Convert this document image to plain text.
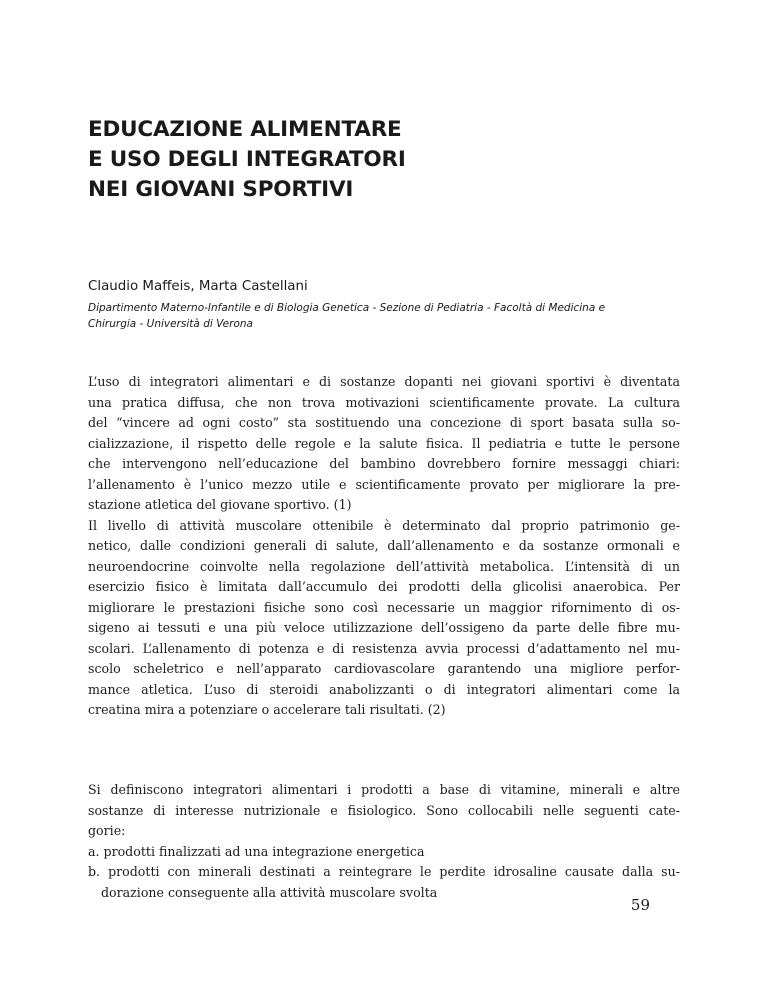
EDUCAZIONE ALIMENTARE
E USO DEGLI INTEGRATORI
NEI GIOVANI SPORTIVI
Claudio Maffeis, Marta Castellani
Dipartimento Materno-Infantile e di Biologia Genetica - Sezione di Pediatria - Facoltà di Medicina e
Chirurgia - Università di Verona
L’uso di integratori alimentari e di sostanze dopanti nei giovani sportivi è diventata
una pratica diffusa, che non trova motivazioni scientificamente provate. La cultura
del “vincere ad ogni costo” sta sostituendo una concezione di sport basata sulla so-
cializzazione, il rispetto delle regole e la salute fisica. Il pediatria e tutte le persone
che intervengono nell’educazione del bambino dovrebbero fornire messaggi chiari:
l’allenamento è l’unico mezzo utile e scientificamente provato per migliorare la pre-
stazione atletica del giovane sportivo. (1)
Il livello di attività muscolare ottenibile è determinato dal proprio patrimonio ge-
netico, dalle condizioni generali di salute, dall’allenamento e da sostanze ormonali e
neuroendocrine coinvolte nella regolazione dell’attività metabolica. L’intensità di un
esercizio fisico è limitata dall’accumulo dei prodotti della glicolisi anaerobica. Per
migliorare le prestazioni fisiche sono così necessarie un maggior rifornimento di os-
sigeno ai tessuti e una più veloce utilizzazione dell’ossigeno da parte delle fibre mu-
scolari. L’allenamento di potenza e di resistenza avvia processi d’adattamento nel mu-
scolo scheletrico e nell’apparato cardiovascolare garantendo una migliore perfor-
mance atletica. L’uso di steroidi anabolizzanti o di integratori alimentari come la
creatina mira a potenziare o accelerare tali risultati. (2)
Si definiscono integratori alimentari i prodotti a base di vitamine, minerali e altre
sostanze di interesse nutrizionale e fisiologico. Sono collocabili nelle seguenti cate-
gorie:
a. prodotti finalizzati ad una integrazione energetica
b. prodotti con minerali destinati a reintegrare le perdite idrosaline causate dalla su-
dorazione conseguente alla attività muscolare svolta
59
